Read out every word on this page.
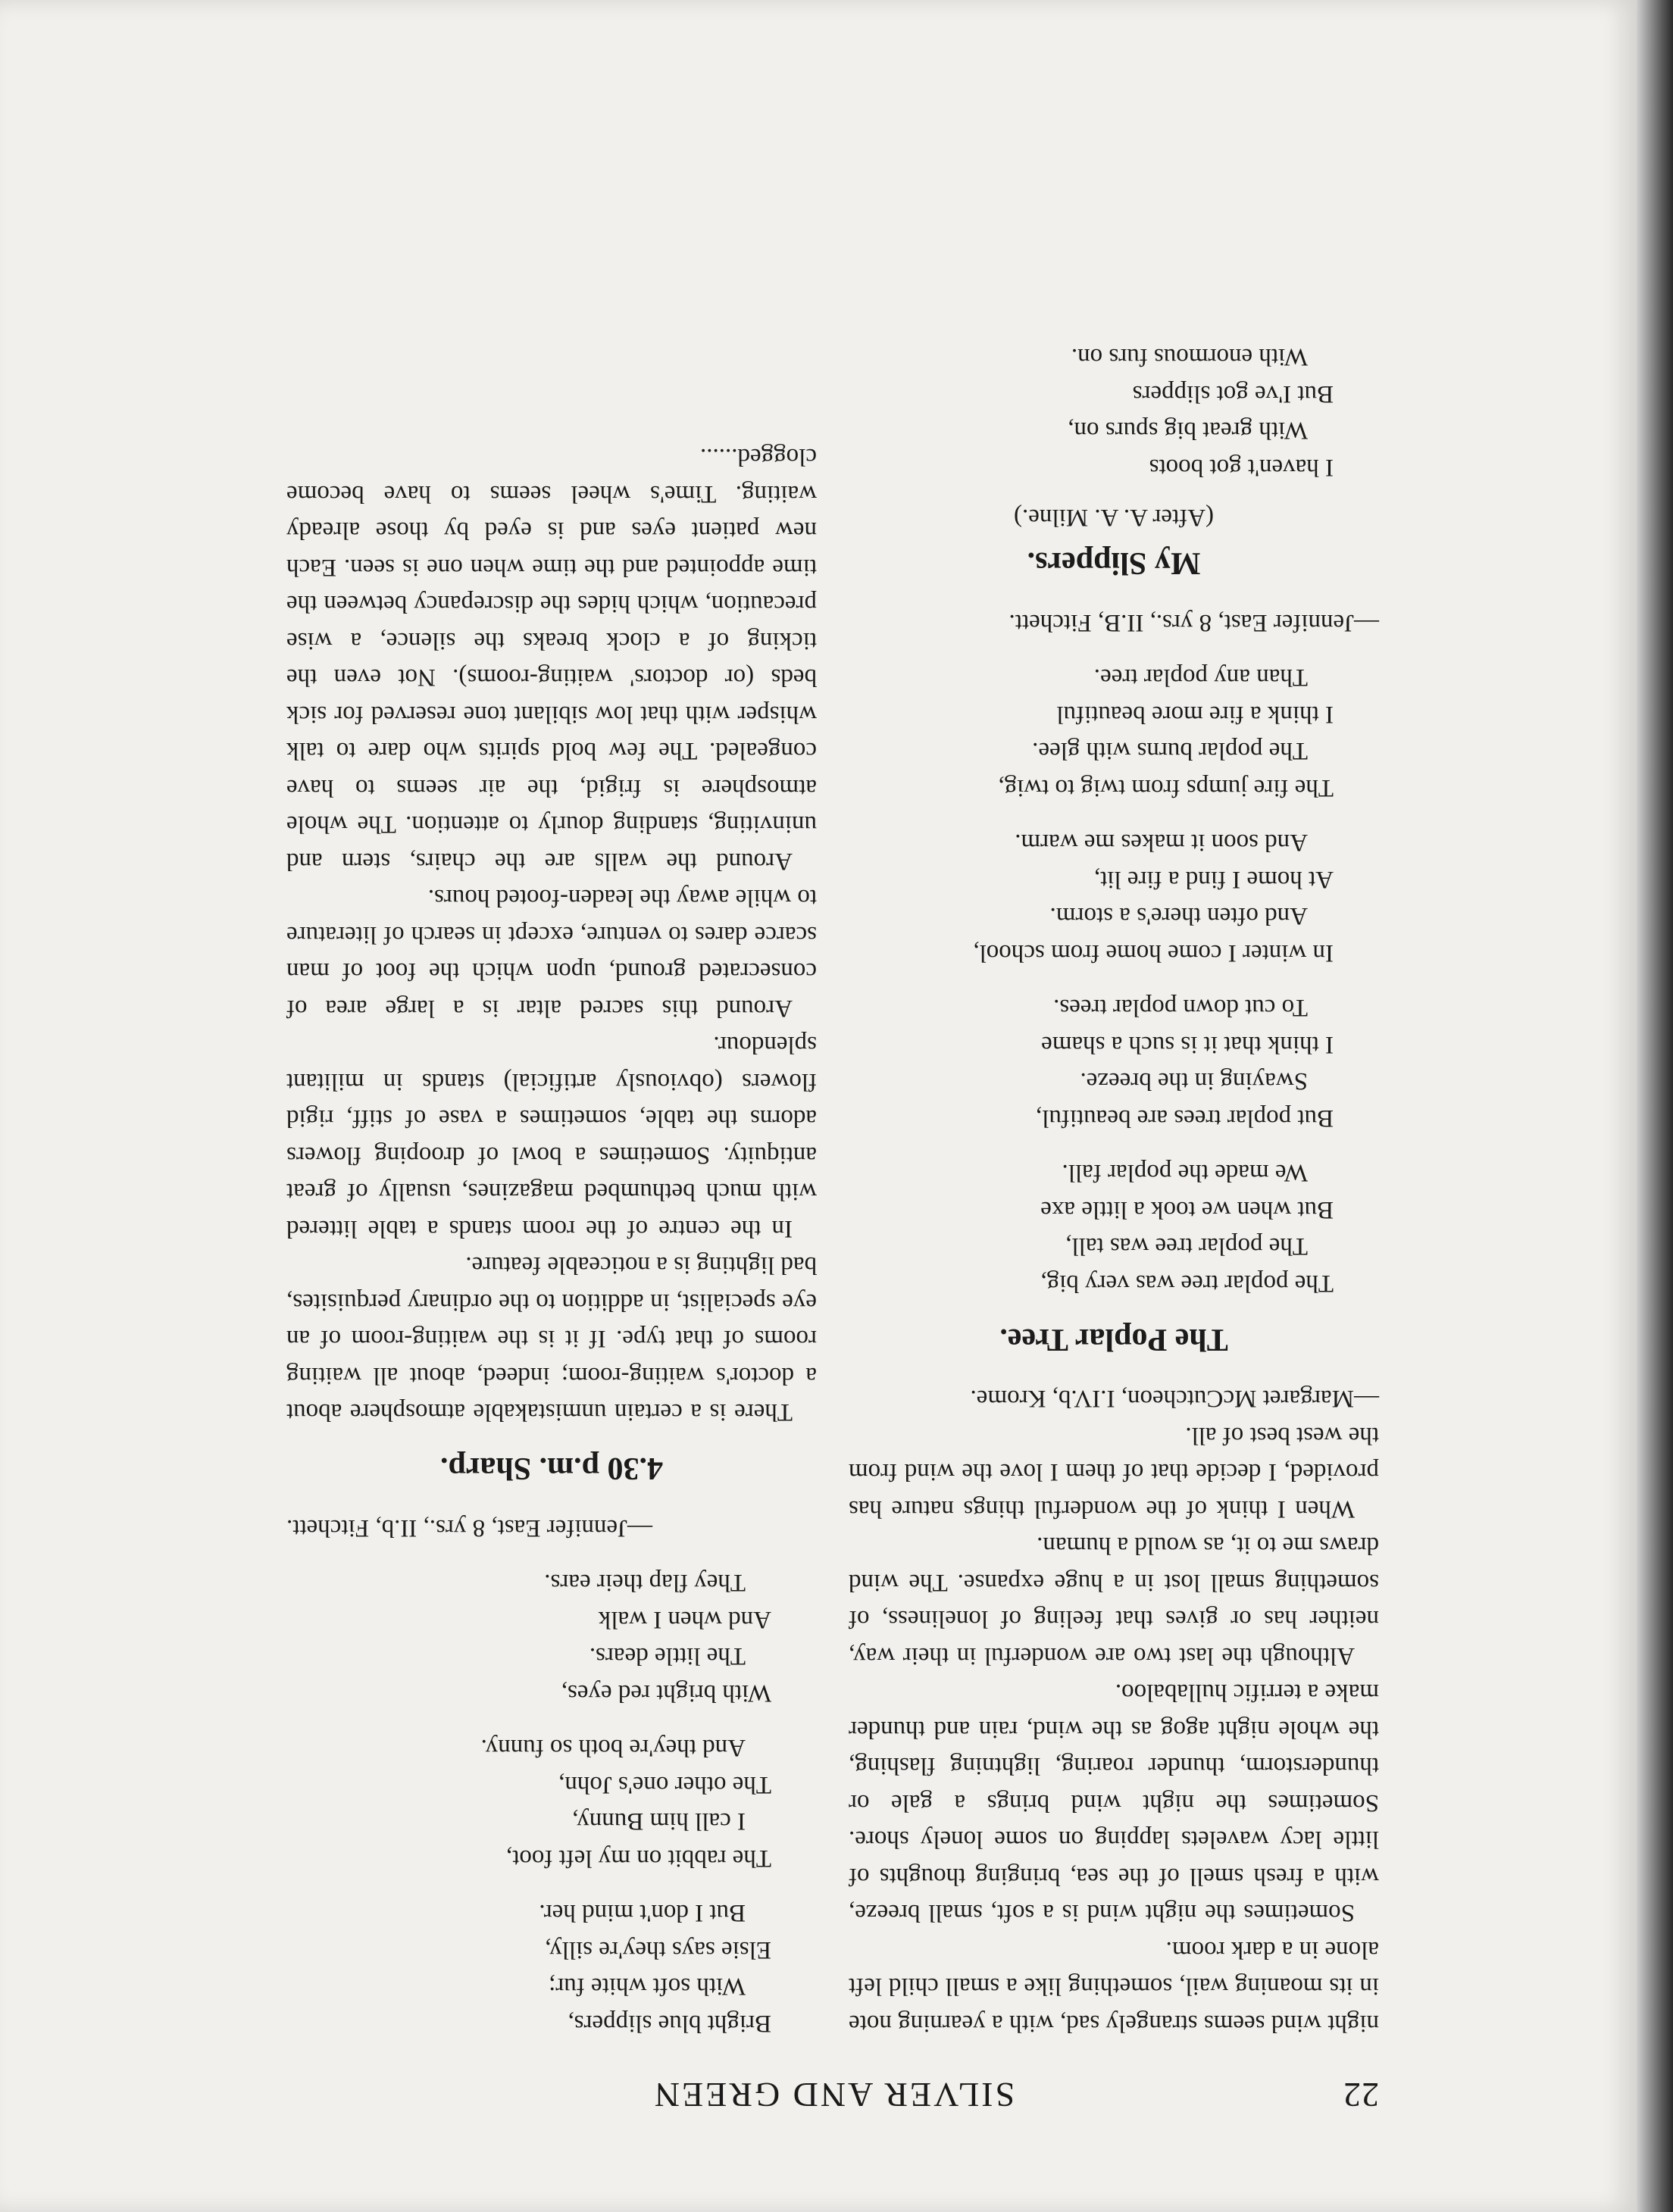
22
SILVER AND GREEN

night wind seems strangely sad, with a yearning note in its moaning wail, something like a small child left alone in a dark room.

Sometimes the night wind is a soft, small breeze, with a fresh smell of the sea, bringing thoughts of little lacy wavelets lapping on some lonely shore. Sometimes the night wind brings a gale or thunderstorm, thunder roaring, lightning flashing, the whole night agog as the wind, rain and thunder make a terrific hullabaloo.

Although the last two are wonderful in their way, neither has or gives that feeling of loneliness, of something small lost in a huge expanse. The wind draws me to it, as would a human.

When I think of the wonderful things nature has provided, I decide that of them I love the wind from the west best of all.

—Margaret McCutcheon, I.IV.b, Krome.

The Poplar Tree.
The poplar tree was very big,
The poplar tree was tall,
But when we took a little axe
We made the poplar fall.
But poplar trees are beautiful,
Swaying in the breeze.
I think that it is such a shame
To cut down poplar trees.
In winter I come home from school,
And often there's a storm.
At home I find a fire lit,
And soon it makes me warm.
The fire jumps from twig to twig,
The poplar burns with glee.
I think a fire more beautiful
Than any poplar tree.

—Jennifer East, 8 yrs., II.B, Fitchett.

My Slippers.
(After A. A. Milne.)
I haven't got boots
With great big spurs on,
But I've got slippers
With enormous furs on.
Bright blue slippers,
With soft white fur;
Elsie says they're silly,
But I don't mind her.
The rabbit on my left foot,
I call him Bunny,
The other one's John,
And they're both so funny.
With bright red eyes,
The little dears.
And when I walk
They flap their ears.

—Jennifer East, 8 yrs., II.b, Fitchett.

4.30 p.m. Sharp.

There is a certain unmistakable atmosphere about a doctor's waiting-room; indeed, about all waiting rooms of that type. If it is the waiting-room of an eye specialist, in addition to the ordinary perquisites, bad lighting is a noticeable feature.

In the centre of the room stands a table littered with much bethumbed magazines, usually of great antiquity. Sometimes a bowl of drooping flowers adorns the table, sometimes a vase of stiff, rigid flowers (obviously artificial) stands in militant splendour.

Around this sacred altar is a large area of consecrated ground, upon which the foot of man scarce dares to venture, except in search of literature to while away the leaden-footed hours.

Around the walls are the chairs, stern and uninviting, standing dourly to attention. The whole atmosphere is frigid, the air seems to have congealed. The few bold spirits who dare to talk whisper with that low sibilant tone reserved for sick beds (or doctors' waiting-rooms). Not even the ticking of a clock breaks the silence, a wise precaution, which hides the discrepancy between the time appointed and the time when one is seen. Each new patient eyes and is eyed by those already waiting. Time's wheel seems to have become clogged......
